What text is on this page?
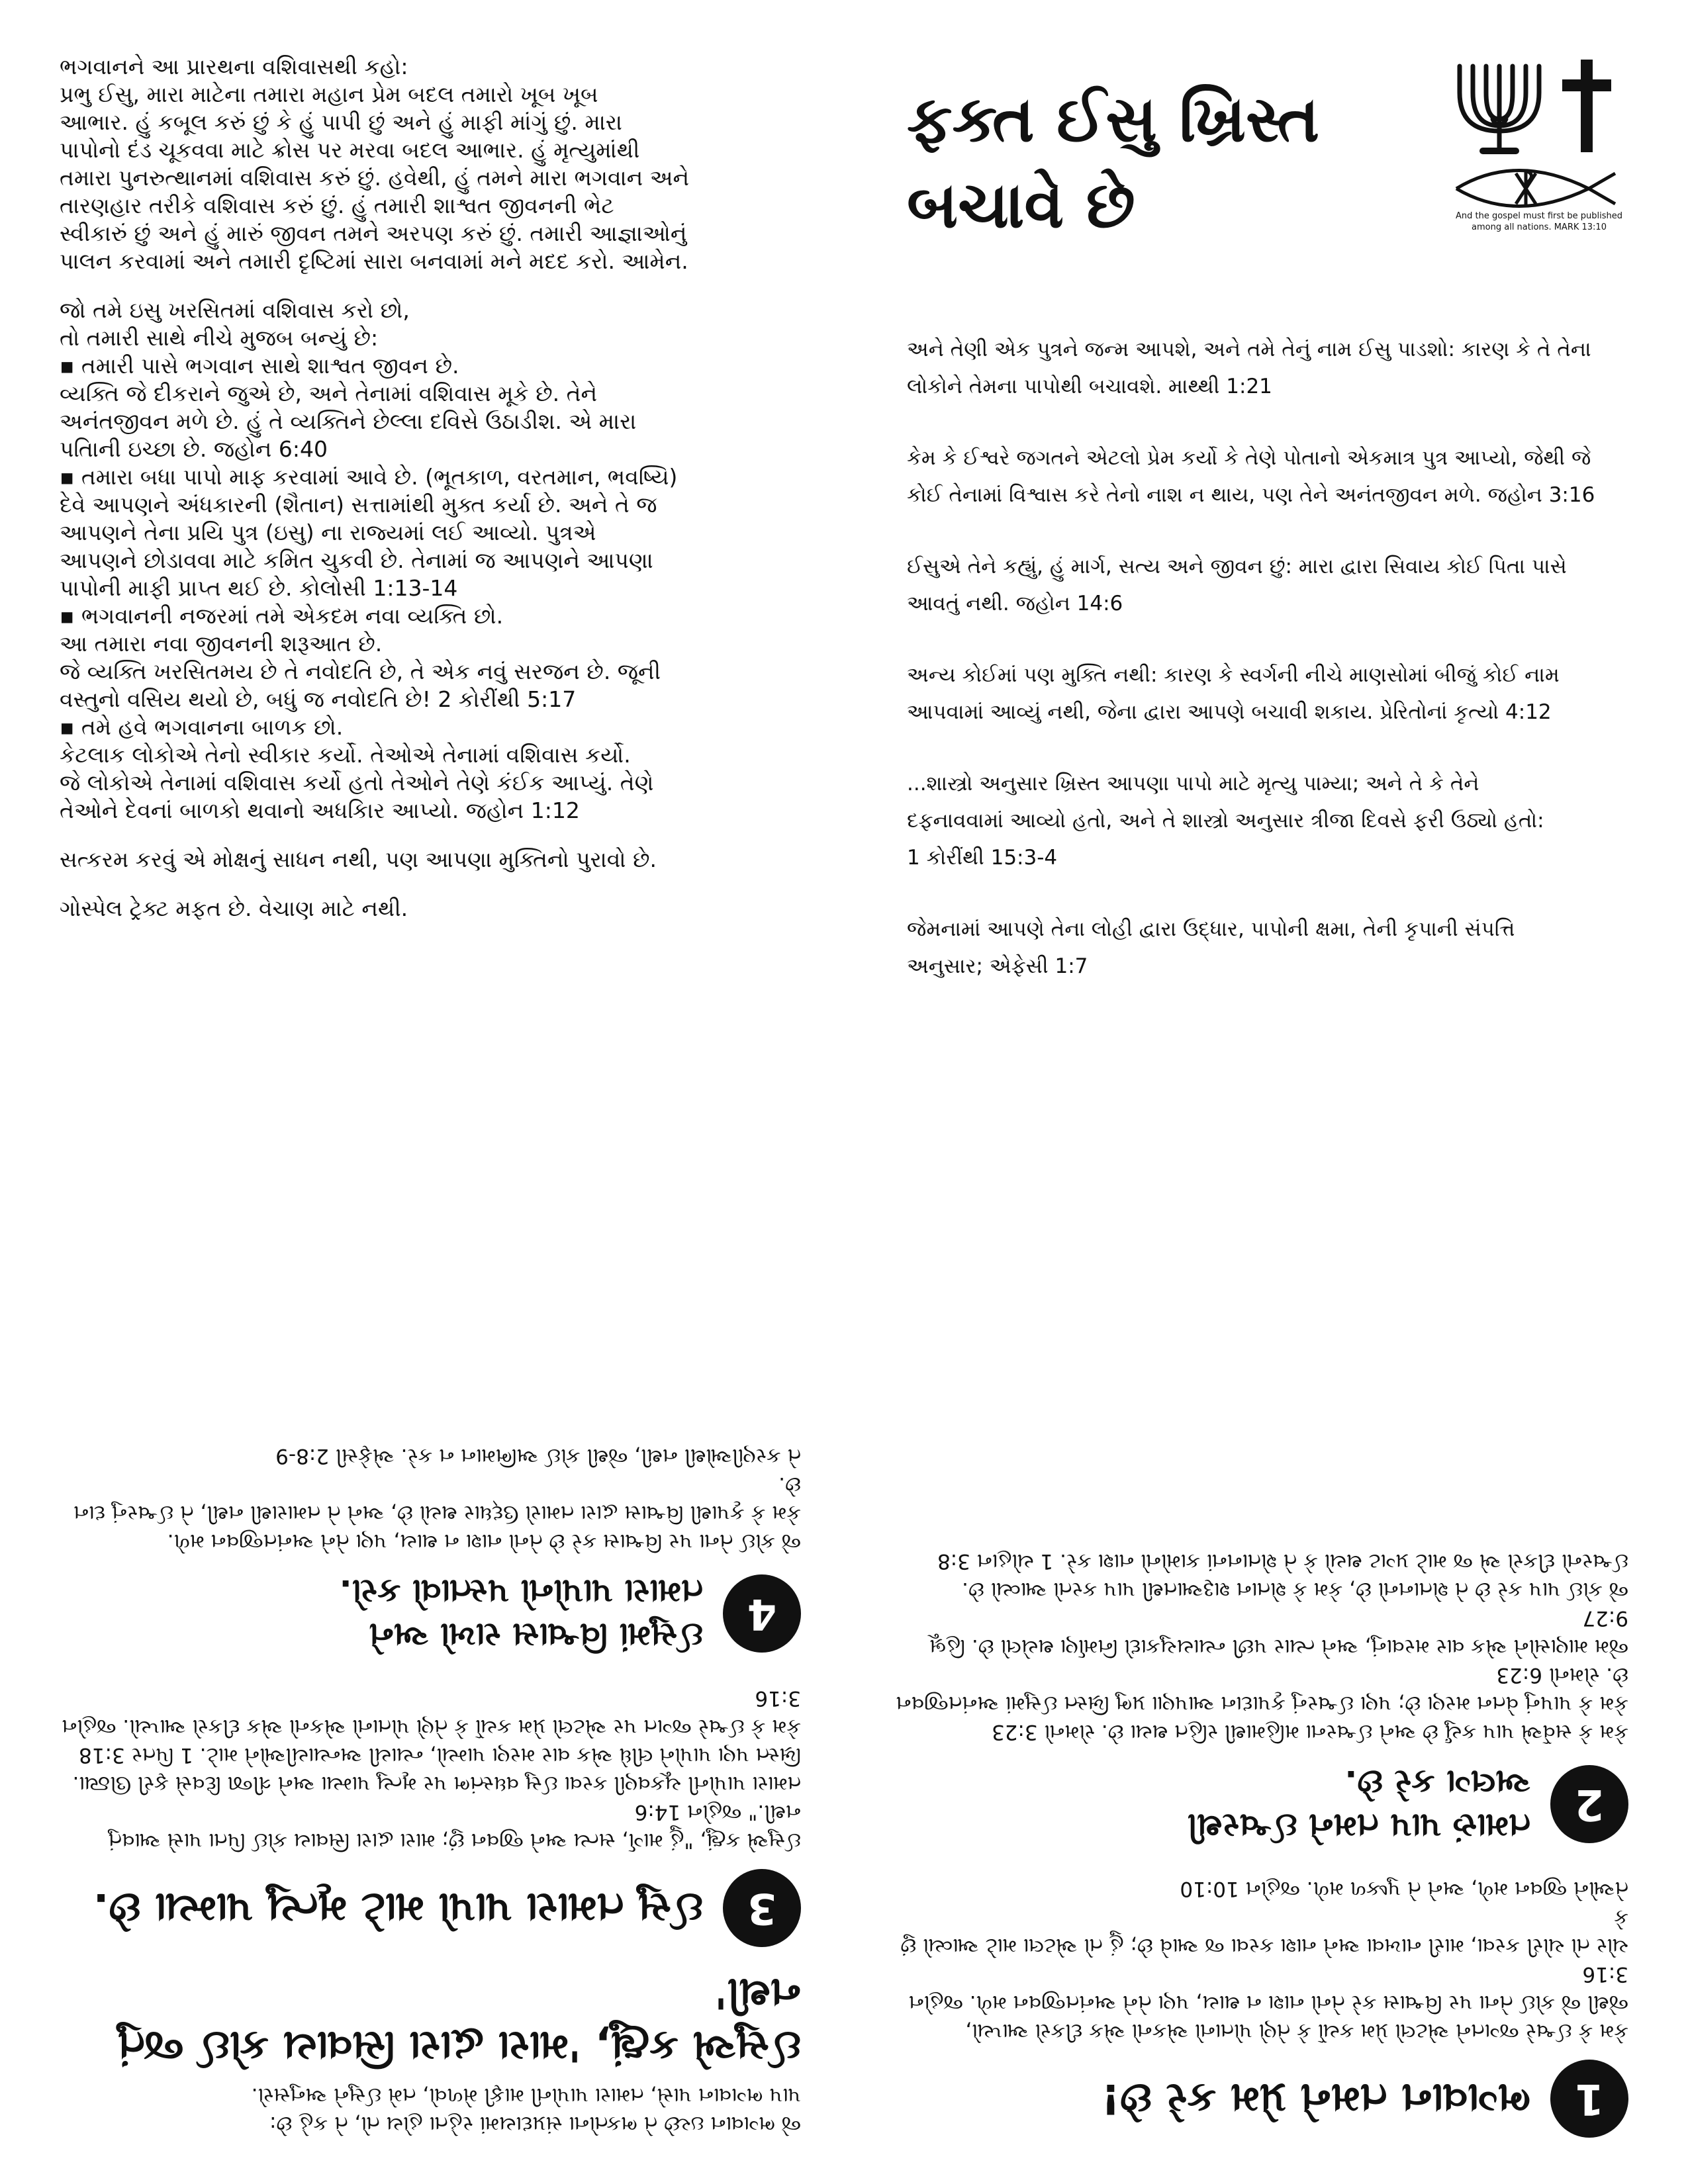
ભગવાનને આ પ્રારથના વશિવાસથી કહો:
પ્રભુ ઈસુ, મારા માટેના તમારા મહાન પ્રેમ બદલ તમારો ખૂબ ખૂબ
આભાર. હું કબૂલ કરું છું કે હું પાપી છું અને હું માફી માંગું છું. મારા
પાપોનો દંડ ચૂકવવા માટે ક્રોસ પર મરવા બદલ આભાર. હું મૃત્યુમાંથી
તમારા પુનરુત્થાનમાં વશિવાસ કરું છું. હવેથી, હું તમને મારા ભગવાન અને
તારણહાર તરીકે વશિવાસ કરું છું. હું તમારી શાશ્વત જીવનની ભેટ
સ્વીકારું છું અને હું મારું જીવન તમને અરપણ કરું છું. તમારી આજ્ઞાઓનું
પાલન કરવામાં અને તમારી દૃષ્ટિમાં સારા બનવામાં મને મદદ કરો. આમેન.
જો તમે ઇસુ ખરસિતમાં વશિવાસ કરો છો,
તો તમારી સાથે નીચે મુજબ બન્યું છે:
▪ તમારી પાસે ભગવાન સાથે શાશ્વત જીવન છે.
વ્યક્તિ જે દીકરાને જુએ છે, અને તેનામાં વશિવાસ મૂકે છે. તેને
અનંતજીવન મળે છે. હું તે વ્યક્તિને છેલ્લા દવિસે ઉઠાડીશ. એ મારા
પતિાની ઇચ્છા છે. જહોન 6:40
▪ તમારા બધા પાપો માફ કરવામાં આવે છે. (ભૂતકાળ, વરતમાન, ભવષ્યિ)
દેવે આપણને અંધકારની (શૈતાન) સત્તામાંથી મુક્ત કર્યા છે. અને તે જ
આપણને તેના પ્રયિ પુત્ર (ઇસુ) ના રાજ્યમાં લઈ આવ્યો. પુત્રએ
આપણને છોડાવવા માટે કમિત ચુકવી છે. તેનામાં જ આપણને આપણા
પાપોની માફી પ્રાપ્ત થઈ છે. કોલોસી 1:13-14
▪ ભગવાનની નજરમાં તમે એકદમ નવા વ્યક્તિ છો.
આ તમારા નવા જીવનની શરૂઆત છે.
જે વ્યક્તિ ખરસિતમય છે તે નવોદતિ છે, તે એક નવું સરજન છે. જૂની
વસ્તુનો વસિય થયો છે, બધું જ નવોદતિ છે! 2 કોરીંથી 5:17
▪ તમે હવે ભગવાનના બાળક છો.
કેટલાક લોકોએ તેનો સ્વીકાર કર્યો. તેઓએ તેનામાં વશિવાસ કર્યો.
જે લોકોએ તેનામાં વશિવાસ કર્યો હતો તેઓને તેણે કંઈક આપ્યું. તેણે
તેઓને દેવનાં બાળકો થવાનો અધકિાર આપ્યો. જહોન 1:12

સત્કરમ કરવું એ મોક્ષનું સાધન નથી, પણ આપણા મુક્તિનો પુરાવો છે.

ગોસ્પેલ ટ્રેક્ટ મફત છે. વેચાણ માટે નથી.

ફક્ત ઈસુ ખ્રિસ્ત
બચાવે છે	And the gospel must first be published
among all nations. MARK 13:10

અને તેણી એક પુત્રને જન્મ આપશે, અને તમે તેનું નામ ઈસુ પાડશો: કારણ કે તે તેના
લોકોને તેમના પાપોથી બચાવશે. માથ્થી 1:21

કેમ કે ઈશ્વરે જગતને એટલો પ્રેમ કર્યો કે તેણે પોતાનો એકમાત્ર પુત્ર આપ્યો, જેથી જે
કોઈ તેનામાં વિશ્વાસ કરે તેનો નાશ ન થાય, પણ તેને અનંતજીવન મળે. જહોન 3:16

ઈસુએ તેને કહ્યું, હું માર્ગ, સત્ય અને જીવન છું: મારા દ્વારા સિવાય કોઈ પિતા પાસે
આવતું નથી. જહોન 14:6

અન્ય કોઈમાં પણ મુક્તિ નથી: કારણ કે સ્વર્ગની નીચે માણસોમાં બીજું કોઈ નામ
આપવામાં આવ્યું નથી, જેના દ્વારા આપણે બચાવી શકાય. પ્રેરિતોનાં કૃત્યો 4:12

...શાસ્ત્રો અનુસાર ખ્રિસ્ત આપણા પાપો માટે મૃત્યુ પામ્યા; અને તે કે તેને
દફનાવવામાં આવ્યો હતો, અને તે શાસ્ત્રો અનુસાર ત્રીજા દિવસે ફરી ઉઠ્યો હતો:
1 કોરીંથી 15:3-4

જેમનામાં આપણે તેના લોહી દ્વારા ઉદ્ધાર, પાપોની ક્ષમા, તેની કૃપાની સંપત્તિ
અનુસાર; એફેસી 1:7

જે ભગવાન ઇચ્છે તે ભક્તોના સંપ્રદાયમાં રહેતા હોય તો, તે કહે છે:
પાપ ભગવાન પાસે, તમારા પાપોની માફી મેળવો, તમે ઈસુને અનુસરો.
ઈસુએ કહ્યું, 'મારા દ્વારા સિવાય કોઈ જતું નથી'
3
ઈસુ તમારા પાપો માટે મૃત્યુ પામ્યા છે.
ઈસુએ કહ્યું, "હું માર્ગ, સત્ય અને જીવન છું; મારા દ્વારા સિવાય કોઈ પિતા પાસે આવતું નથી." જહોન 14:6
તમારા પાપોની ચૂકવણી કરવા ઈસુ વધસ્તંભ પર મૃત્યુ પામ્યા અને ત્રીજા દિવસે ફરી ઊઠ્યા.
ખ્રિસ્ત પણ પાપોને લીધે એક વાર મરણ પામ્યો, ન્યાયી અન્યાયીઓને માટે. 1 પિતર 3:18
કેમ કે ઈશ્વરે જગત પર એટલો પ્રેમ કર્યો કે તેણે પોતાનો એકનો એક દીકરો આપ્યો. જહોન 3:16
4
ઈસુમાં વિશ્વાસ રાખો અને
તમારા પાપોનો પસ્તાવો કરો.
જે કોઈ તેના પર વિશ્વાસ કરે છે તેનો નાશ ન થાય, પણ તેને અનંતજીવન મળે.
કેમ કે કૃપાથી વિશ્વાસ દ્વારા તમારો ઉદ્ધાર થયો છે, અને તે તમારાથી નથી, તે ઈશ્વરનું દાન છે.
તે કરણીઓથી નથી, જેથી કોઈ અભિમાન ન કરે. એફેસી 2:8-9
1
ભગવાન તમને પ્રેમ કરે છે!
કેમ કે ઈશ્વરે જગતને એટલો પ્રેમ કર્યો કે તેણે પોતાનો એકનો એક દીકરો આપ્યો,
જેથી જે કોઈ તેના પર વિશ્વાસ કરે તેનો નાશ ન થાય, પણ તેને અનંતજીવન મળે. જહોન 3:16
ચોર તો ચોરી કરવા, મારી નાખવા અને નાશ કરવા જ આવે છે; હું તો એટલા માટે આવ્યો છું કે
તેઓને જીવન મળે, અને તે પુષ્કળ મળે. જહોન 10:10
2
તમારું પાપ તમને ઈશ્વરથી
અલગ કરે છે.
કેમ કે સર્વેએ પાપ કર્યું છે અને ઈશ્વરના મહિમાથી રહિત થયા છે. રોમનો 3:23
કેમ કે પાપનું વેતન મરણ છે; પણ ઈશ્વરનું કૃપાદાન આપણા પ્રભુ ખ્રિસ્ત ઈસુમાં અનંતજીવન છે. રોમનો 6:23
જેમ માણસોને એક વાર મરવાનું, અને ત્યાર પછી ન્યાયચુકાદો નિર્માણ થયેલો છે. હિબ્રૂ 9:27
જે કોઈ પાપ કરે છે તે શેતાનનો છે, કેમ કે શેતાન શરૂઆતથી પાપ કરતો આવ્યો છે.
ઈશ્વરનો દીકરો એ જ માટે પ્રગટ થયો કે તે શેતાનનાં કામોનો નાશ કરે. 1 યોહાન 3:8
